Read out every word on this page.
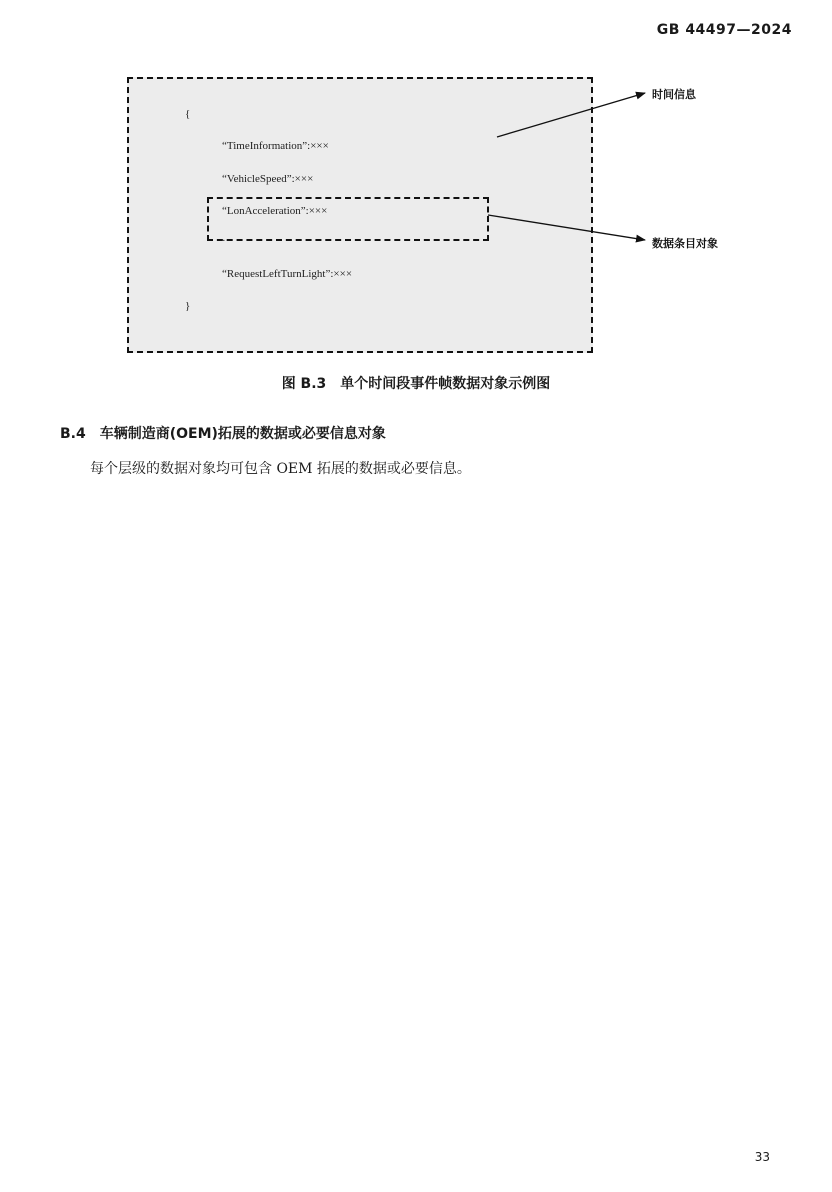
GB 44497—2024
{
“TimeInformation”:×××
“VehicleSpeed”:×××
“LonAcceleration”:×××
…
“RequestLeftTurnLight”:×××
}
时间信息
数据条目对象
图 B.3　单个时间段事件帧数据对象示例图
B.4 车辆制造商(OEM)拓展的数据或必要信息对象
每个层级的数据对象均可包含 OEM 拓展的数据或必要信息。
33
